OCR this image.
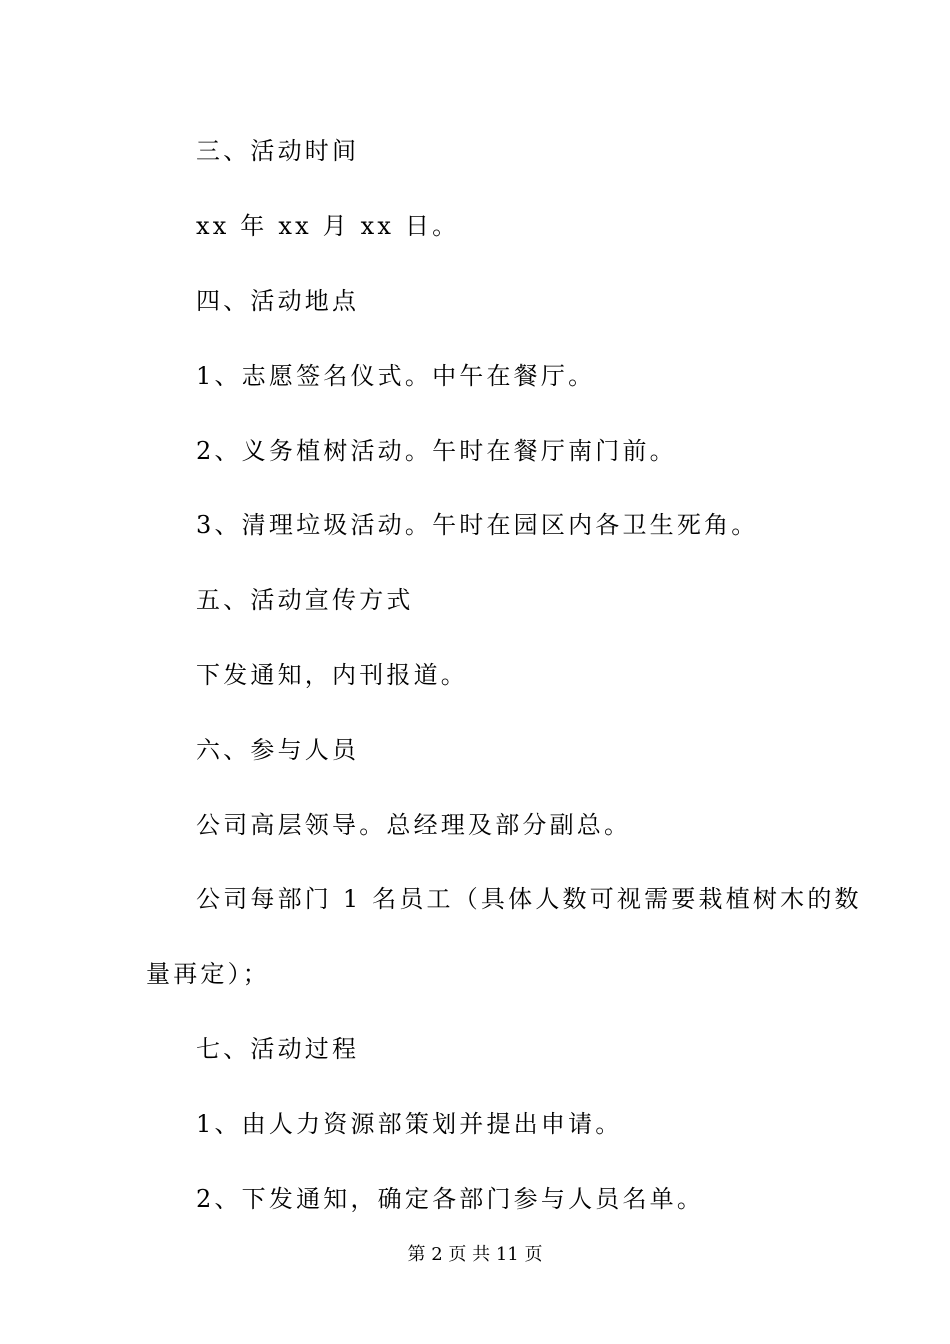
三、活动时间
xx 年 xx 月 xx 日。
四、活动地点
1、志愿签名仪式。中午在餐厅。
2、义务植树活动。午时在餐厅南门前。
3、清理垃圾活动。午时在园区内各卫生死角。
五、活动宣传方式
下发通知，内刊报道。
六、参与人员
公司高层领导。总经理及部分副总。
公司每部门 1 名员工（具体人数可视需要栽植树木的数
量再定）；
七、活动过程
1、由人力资源部策划并提出申请。
2、下发通知，确定各部门参与人员名单。
第 2 页 共 11 页
